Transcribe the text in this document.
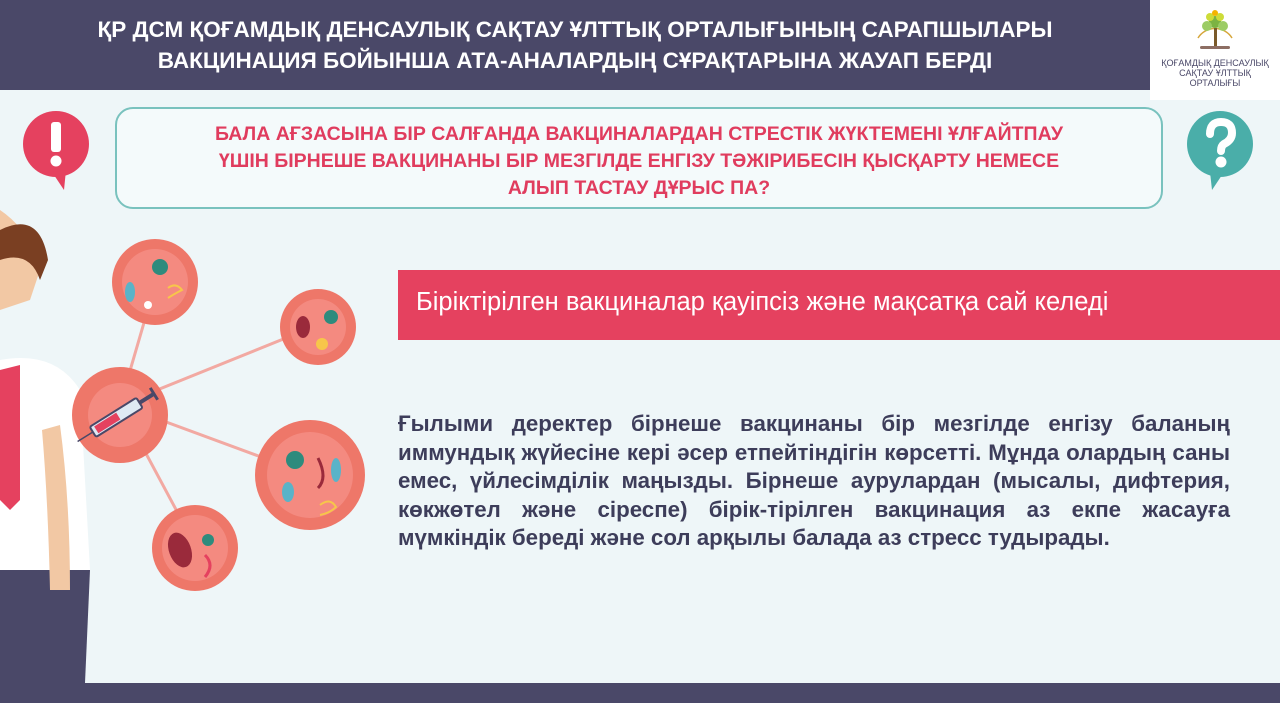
ҚР ДСМ ҚОҒАМДЫҚ ДЕНСАУЛЫҚ САҚТАУ ҰЛТТЫҚ ОРТАЛЫҒЫНЫҢ САРАПШЫЛАРЫ
ВАКЦИНАЦИЯ БОЙЫНША АТА-АНАЛАРДЫҢ СҰРАҚТАРЫНА ЖАУАП БЕРДІ	ҚОҒАМДЫҚ ДЕНСАУЛЫҚ
САҚТАУ ҰЛТТЫҚ
ОРТАЛЫҒЫ
БАЛА АҒЗАСЫНА БІР САЛҒАНДА ВАКЦИНАЛАРДАН СТРЕСТІК ЖҮКТЕМЕНІ ҰЛҒАЙТПАУ
ҮШІН БІРНЕШЕ ВАКЦИНАНЫ БІР МЕЗГІЛДЕ ЕНГІЗУ ТӘЖІРИБЕСІН ҚЫСҚАРТУ НЕМЕСЕ
АЛЫП ТАСТАУ ДҰРЫС ПА?
Біріктірілген вакциналар қауіпсіз және мақсатқа сай келеді
Ғылыми деректер бірнеше вакцинаны бір мезгілде енгізу баланың иммундық жүйесіне кері әсер етпейтіндігін көрсетті. Мұнда олардың саны емес, үйлесімділік маңызды. Бірнеше аурулардан (мысалы, дифтерия, көкжөтел және сіреспе) бірік-тірілген вакцинация аз екпе жасауға мүмкіндік береді және сол арқылы балада аз стресс тудырады.
